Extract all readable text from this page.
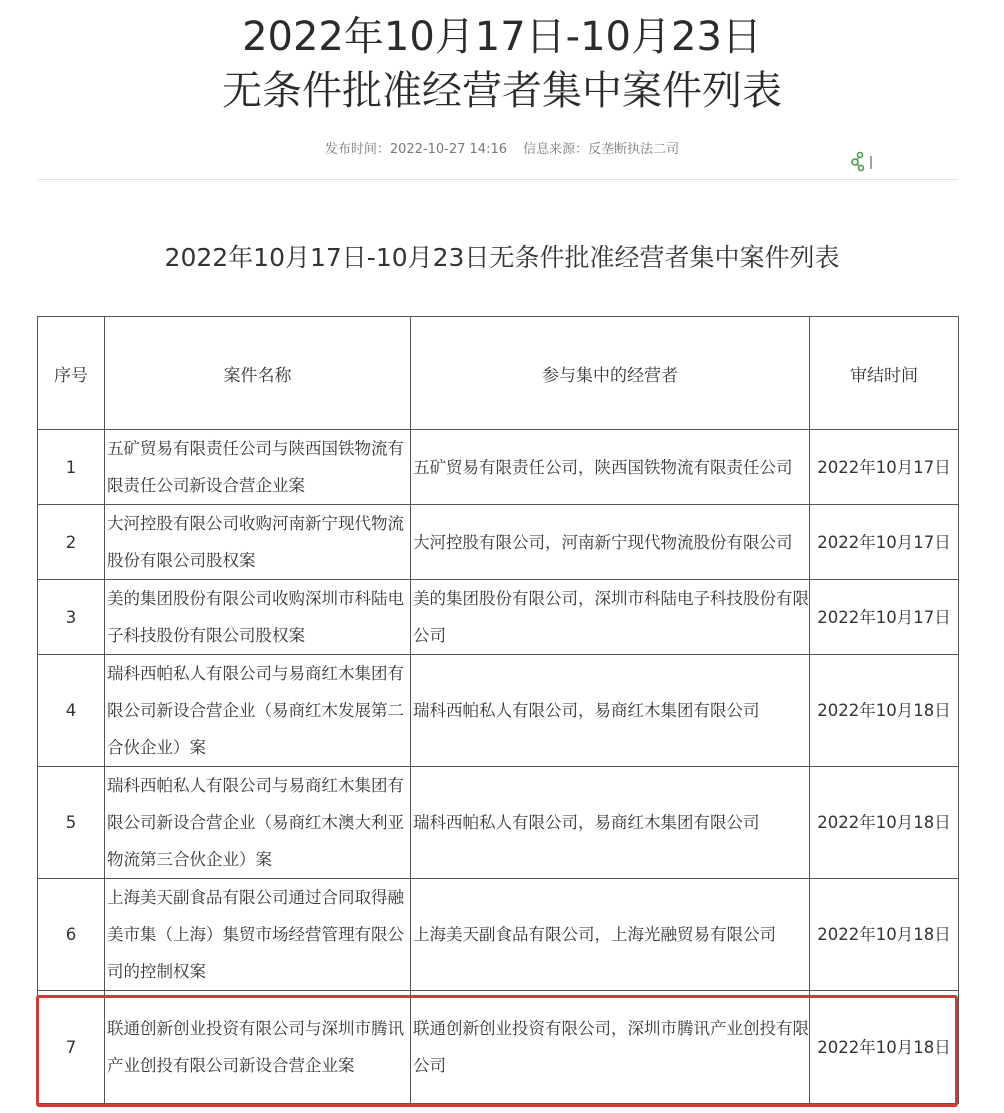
2022年10月17日-10月23日
无条件批准经营者集中案件列表
发布时间：2022-10-27 14:16 信息来源：反垄断执法二司
2022年10月17日-10月23日无条件批准经营者集中案件列表
序号	案件名称	参与集中的经营者	审结时间
1	五矿贸易有限责任公司与陕西国铁物流有限责任公司新设合营企业案	五矿贸易有限责任公司，陕西国铁物流有限责任公司	2022年10月17日
2	大河控股有限公司收购河南新宁现代物流股份有限公司股权案	大河控股有限公司，河南新宁现代物流股份有限公司	2022年10月17日
3	美的集团股份有限公司收购深圳市科陆电子科技股份有限公司股权案	美的集团股份有限公司，深圳市科陆电子科技股份有限公司	2022年10月17日
4	瑞科西帕私人有限公司与易商红木集团有限公司新设合营企业（易商红木发展第二合伙企业）案	瑞科西帕私人有限公司，易商红木集团有限公司	2022年10月18日
5	瑞科西帕私人有限公司与易商红木集团有限公司新设合营企业（易商红木澳大利亚物流第三合伙企业）案	瑞科西帕私人有限公司，易商红木集团有限公司	2022年10月18日
6	上海美天副食品有限公司通过合同取得融美市集（上海）集贸市场经营管理有限公司的控制权案	上海美天副食品有限公司，上海光融贸易有限公司	2022年10月18日
7	联通创新创业投资有限公司与深圳市腾讯产业创投有限公司新设合营企业案	联通创新创业投资有限公司，深圳市腾讯产业创投有限公司	2022年10月18日
